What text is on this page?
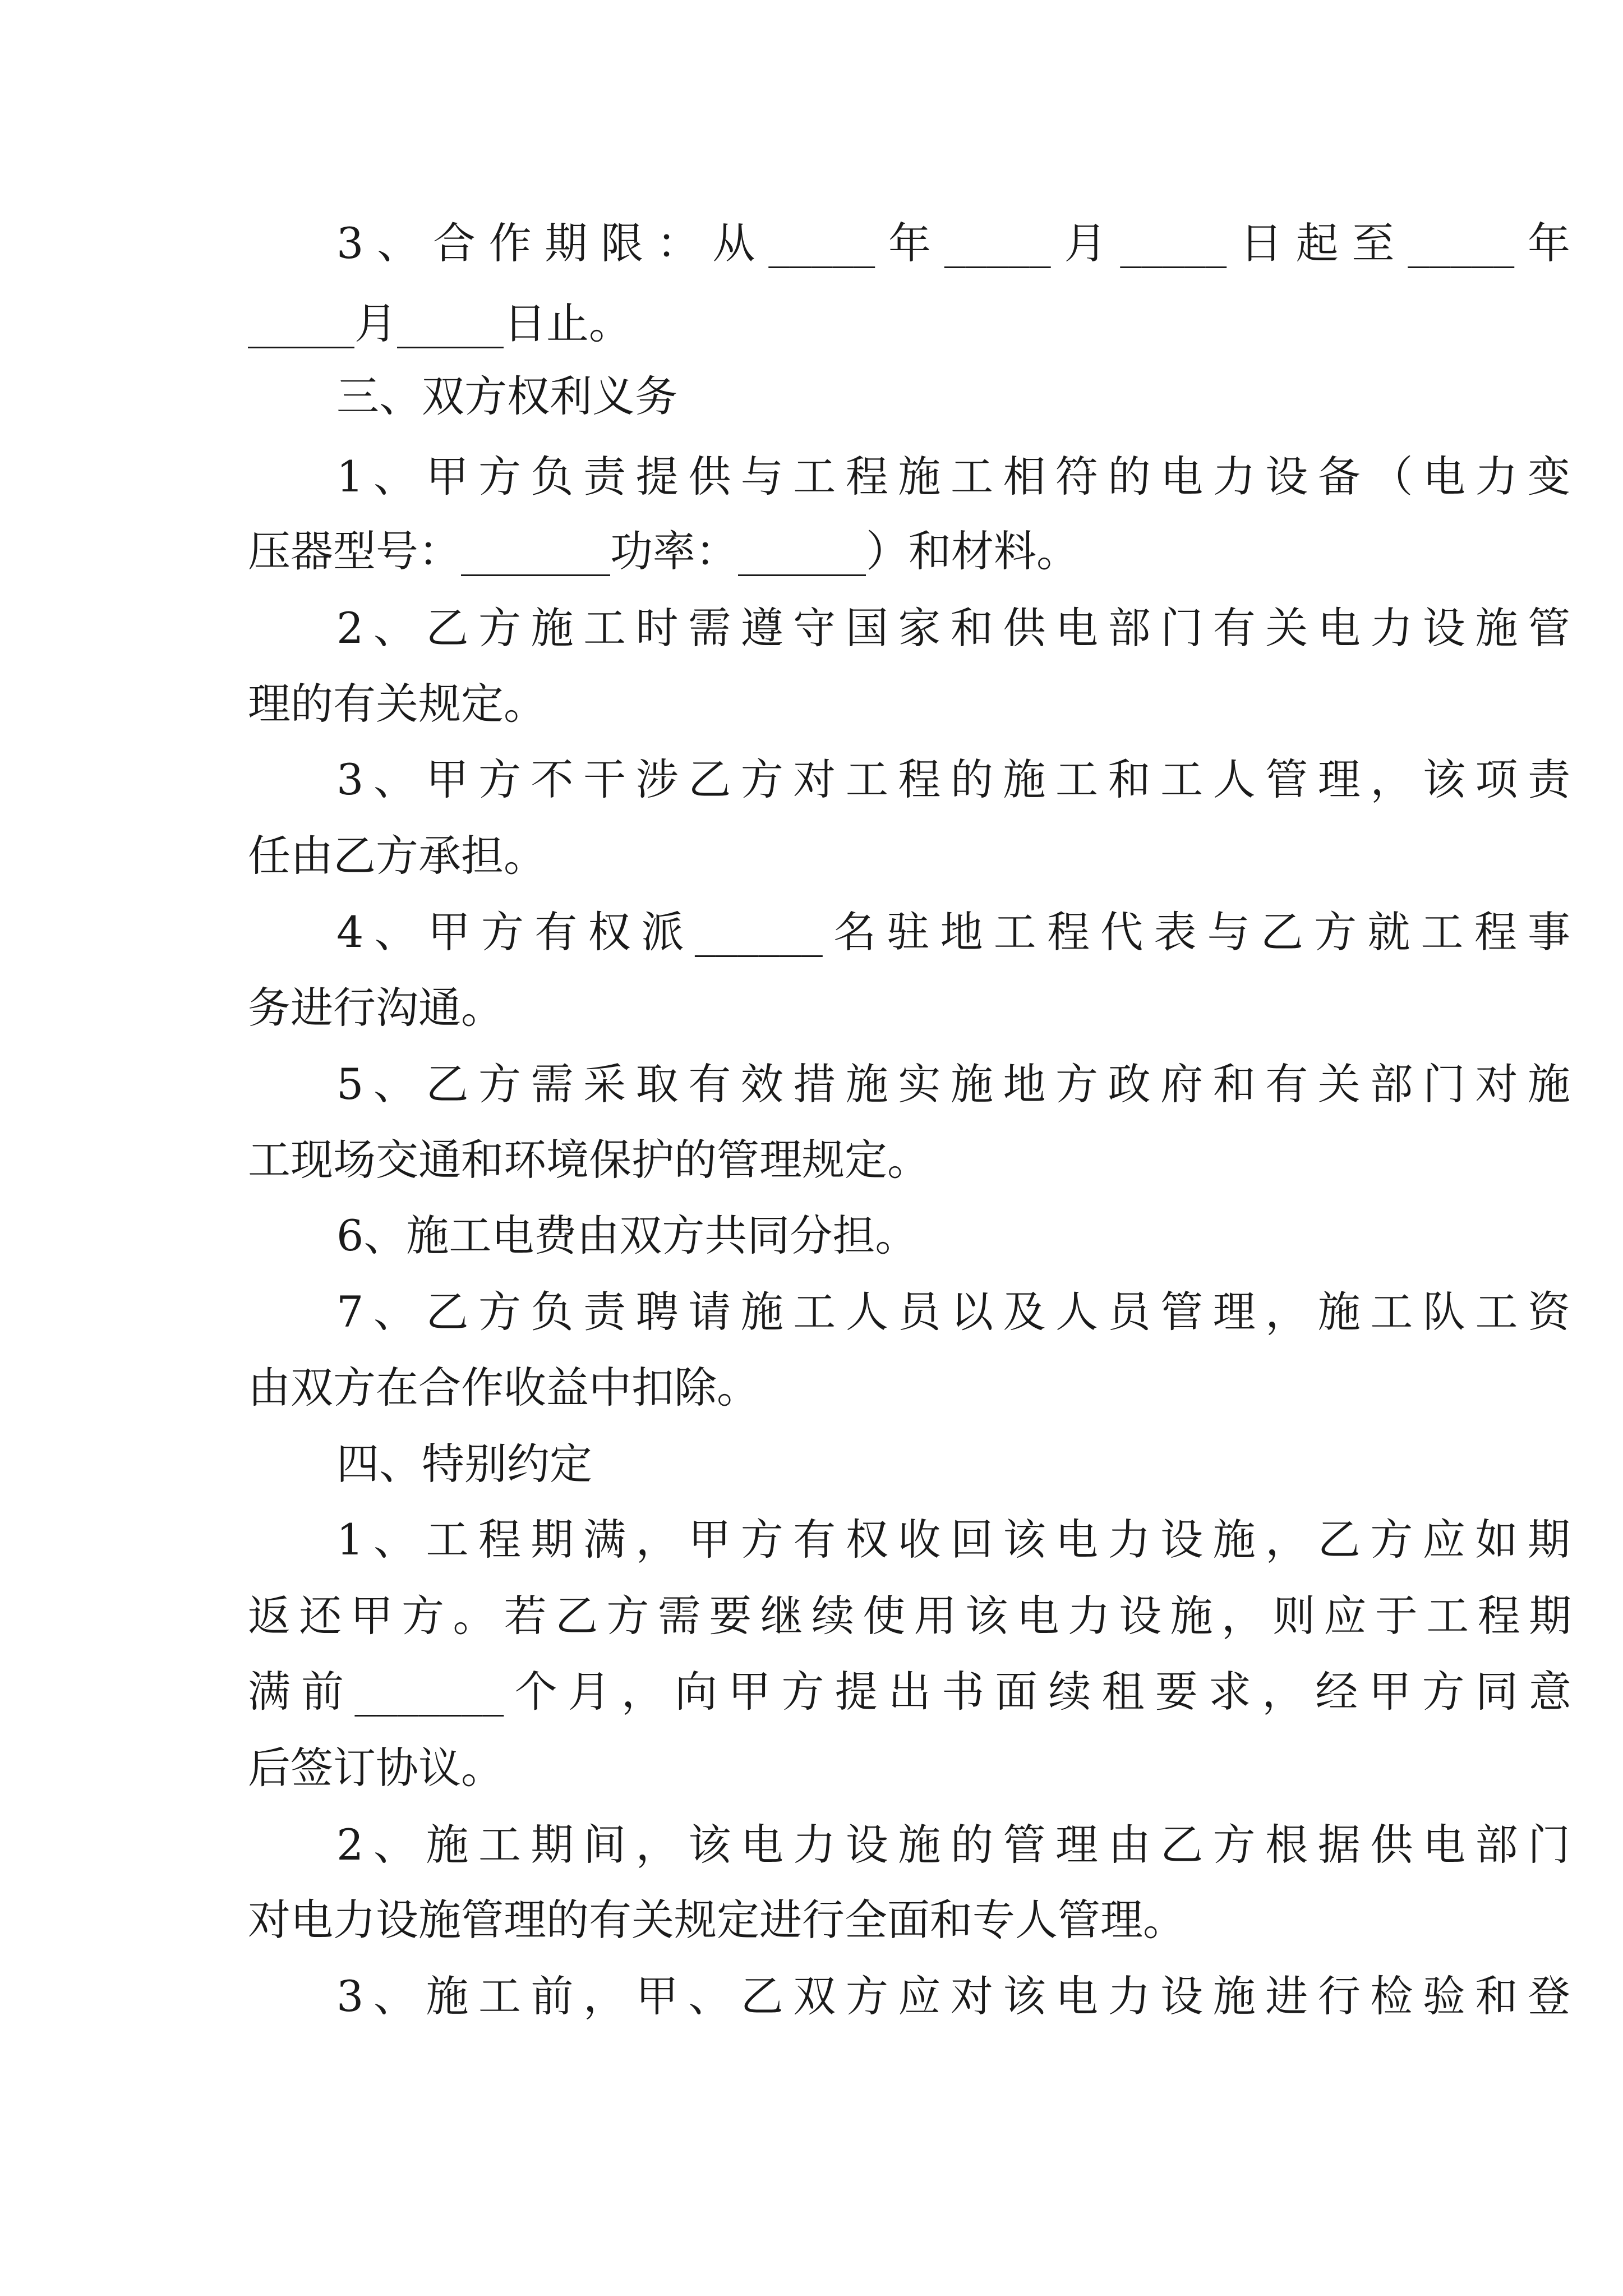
3、合作期限：从_____年_____月_____日起至_____年
_____月_____日止。
三、双方权利义务
1、甲方负责提供与工程施工相符的电力设备（电力变
压器型号：_______功率：______）和材料。
2、乙方施工时需遵守国家和供电部门有关电力设施管
理的有关规定。
3、甲方不干涉乙方对工程的施工和工人管理，该项责
任由乙方承担。
4、甲方有权派______名驻地工程代表与乙方就工程事
务进行沟通。
5、乙方需采取有效措施实施地方政府和有关部门对施
工现场交通和环境保护的管理规定。
6、施工电费由双方共同分担。
7、乙方负责聘请施工人员以及人员管理，施工队工资
由双方在合作收益中扣除。
四、特别约定
1、工程期满，甲方有权收回该电力设施，乙方应如期
返还甲方。若乙方需要继续使用该电力设施，则应于工程期
满前_______个月，向甲方提出书面续租要求，经甲方同意
后签订协议。
2、施工期间，该电力设施的管理由乙方根据供电部门
对电力设施管理的有关规定进行全面和专人管理。
3、施工前，甲、乙双方应对该电力设施进行检验和登
